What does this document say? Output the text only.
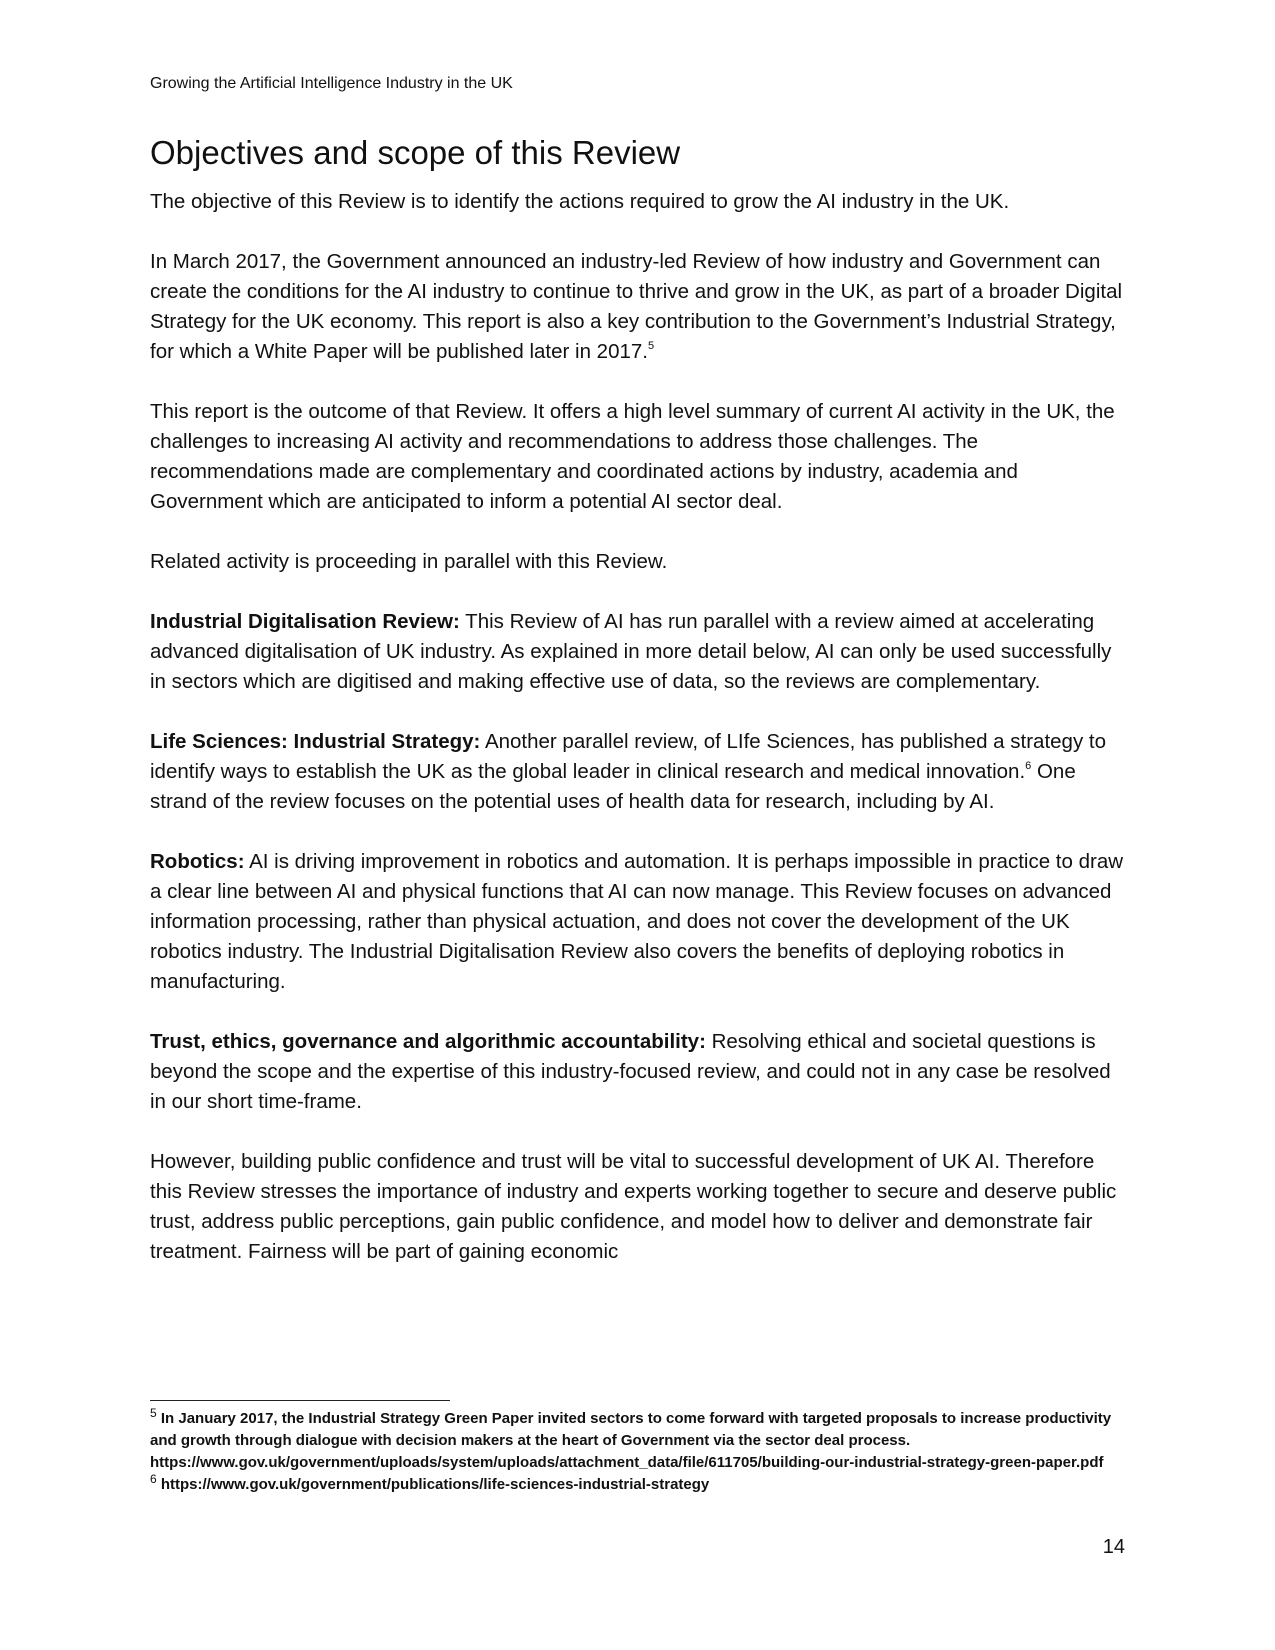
Growing the Artificial Intelligence Industry in the UK
Objectives and scope of this Review

The objective of this Review is to identify the actions required to grow the AI industry in the UK.

In March 2017, the Government announced an industry-led Review of how industry and Government can create the conditions for the AI industry to continue to thrive and grow in the UK, as part of a broader Digital Strategy for the UK economy. This report is also a key contribution to the Government’s Industrial Strategy, for which a White Paper will be published later in 2017.$^5$

This report is the outcome of that Review. It offers a high level summary of current AI activity in the UK, the challenges to increasing AI activity and recommendations to address those challenges. The recommendations made are complementary and coordinated actions by industry, academia and Government which are anticipated to inform a potential AI sector deal.

Related activity is proceeding in parallel with this Review.

Industrial Digitalisation Review: This Review of AI has run parallel with a review aimed at accelerating advanced digitalisation of UK industry. As explained in more detail below, AI can only be used successfully in sectors which are digitised and making effective use of data, so the reviews are complementary.

Life Sciences: Industrial Strategy: Another parallel review, of LIfe Sciences, has published a strategy to identify ways to establish the UK as the global leader in clinical research and medical innovation.$^6$ One strand of the review focuses on the potential uses of health data for research, including by AI.

Robotics: AI is driving improvement in robotics and automation. It is perhaps impossible in practice to draw a clear line between AI and physical functions that AI can now manage. This Review focuses on advanced information processing, rather than physical actuation, and does not cover the development of the UK robotics industry. The Industrial Digitalisation Review also covers the benefits of deploying robotics in manufacturing.

Trust, ethics, governance and algorithmic accountability: Resolving ethical and societal questions is beyond the scope and the expertise of this industry-focused review, and could not in any case be resolved in our short time-frame.

However, building public confidence and trust will be vital to successful development of UK AI. Therefore this Review stresses the importance of industry and experts working together to secure and deserve public trust, address public perceptions, gain public confidence, and model how to deliver and demonstrate fair treatment. Fairness will be part of gaining economic

$^5$ In January 2017, the Industrial Strategy Green Paper invited sectors to come forward with targeted proposals to increase productivity and growth through dialogue with decision makers at the heart of Government via the sector deal process. https://www.gov.uk/government/uploads/system/uploads/attachment_data/file/611705/building-our-industrial-strategy-green-paper.pdf

$^6$ https://www.gov.uk/government/publications/life-sciences-industrial-strategy

14
